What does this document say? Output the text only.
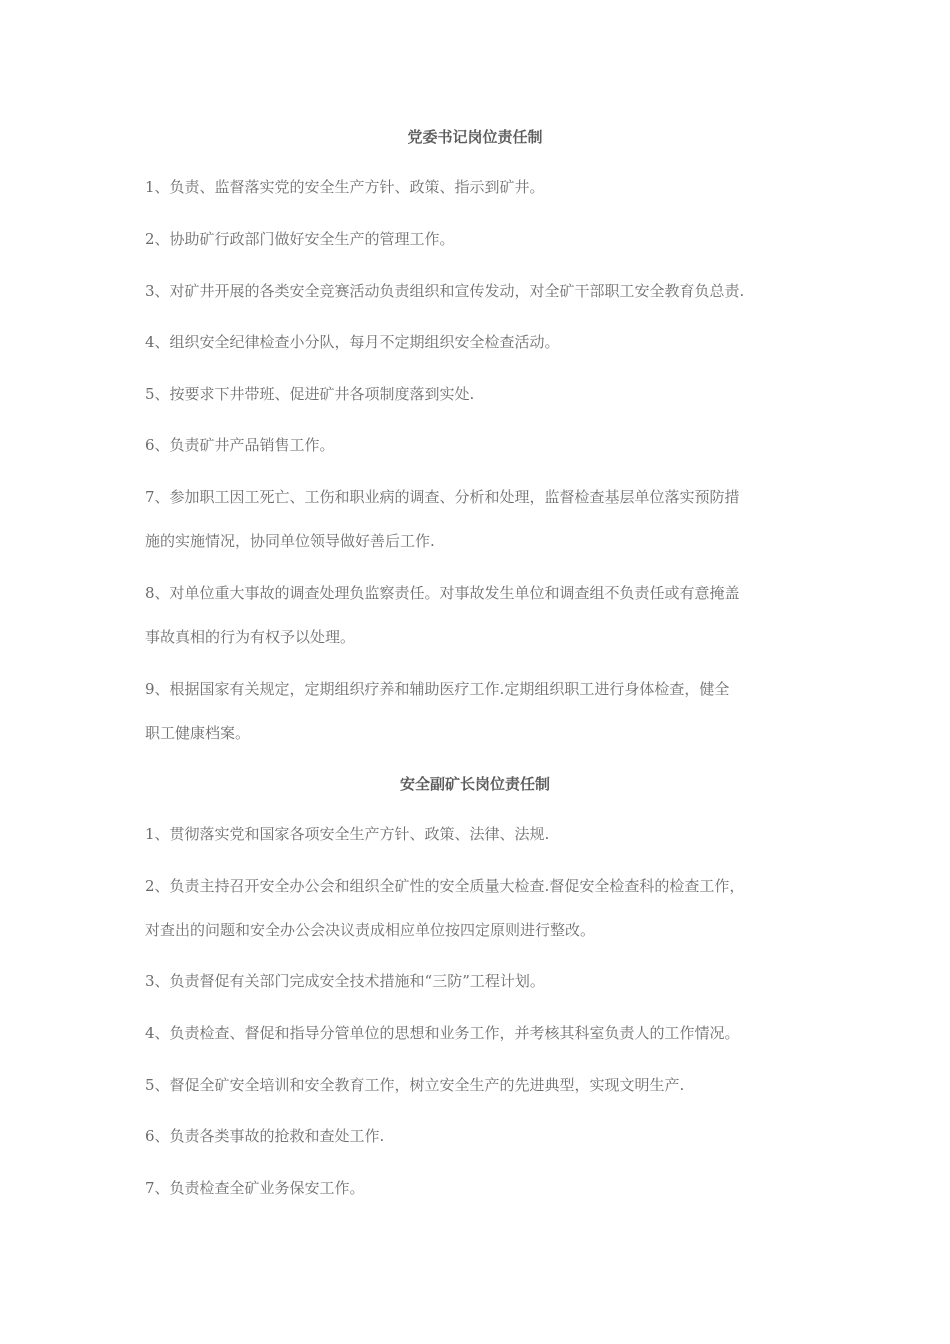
党委书记岗位责任制
1、负责、监督落实党的安全生产方针、政策、指示到矿井。
2、协助矿行政部门做好安全生产的管理工作。
3、对矿井开展的各类安全竞赛活动负责组织和宣传发动，对全矿干部职工安全教育负总责.
4、组织安全纪律检查小分队，每月不定期组织安全检查活动。
5、按要求下井带班、促进矿井各项制度落到实处.
6、负责矿井产品销售工作。
7、参加职工因工死亡、工伤和职业病的调查、分析和处理，监督检查基层单位落实预防措
施的实施情况，协同单位领导做好善后工作.
8、对单位重大事故的调查处理负监察责任。对事故发生单位和调查组不负责任或有意掩盖
事故真相的行为有权予以处理。
9、根据国家有关规定，定期组织疗养和辅助医疗工作.定期组织职工进行身体检查，健全
职工健康档案。
安全副矿长岗位责任制
1、贯彻落实党和国家各项安全生产方针、政策、法律、法规.
2、负责主持召开安全办公会和组织全矿性的安全质量大检查.督促安全检查科的检查工作，
对查出的问题和安全办公会决议责成相应单位按四定原则进行整改。
3、负责督促有关部门完成安全技术措施和“三防”工程计划。
4、负责检查、督促和指导分管单位的思想和业务工作，并考核其科室负责人的工作情况。
5、督促全矿安全培训和安全教育工作，树立安全生产的先进典型，实现文明生产.
6、负责各类事故的抢救和查处工作.
7、负责检查全矿业务保安工作。
